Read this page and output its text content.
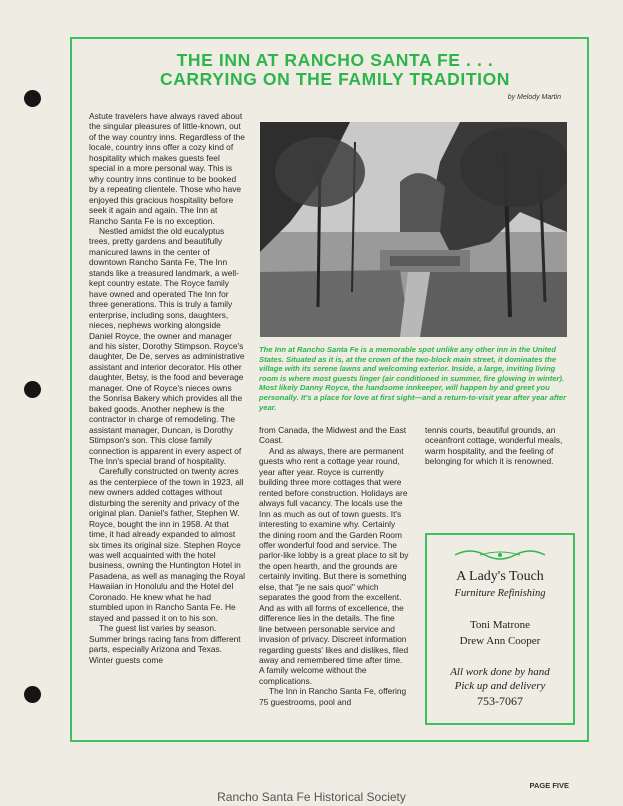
THE INN AT RANCHO SANTA FE . . .
CARRYING ON THE FAMILY TRADITION
by Melody Martin

Astute travelers have always raved about the singular pleasures of little-known, out of the way country inns. Regardless of the locale, country inns offer a cozy kind of hospitality which makes guests feel special in a more personal way. This is why country inns continue to be booked by a repeating clientele. Those who have enjoyed this gracious hospitality before seek it again and again. The Inn at Rancho Santa Fe is no exception.

Nestled amidst the old eucalyptus trees, pretty gardens and beautifully manicured lawns in the center of downtown Rancho Santa Fe, The Inn stands like a treasured landmark, a well-kept country estate. The Royce family have owned and operated The Inn for three generations. This is truly a family enterprise, including sons, daughters, nieces, nephews working alongside Daniel Royce, the owner and manager and his sister, Dorothy Stimpson. Royce's daughter, De De, serves as administrative assistant and interior decorator. His other daughter, Betsy, is the food and beverage manager. One of Royce's nieces owns the Sonrisa Bakery which provides all the baked goods. Another nephew is the contractor in charge of remodeling. The assistant manager, Duncan, is Dorothy Stimpson's son. This close family connection is apparent in every aspect of The Inn's special brand of hospitality.

Carefully constructed on twenty acres as the centerpiece of the town in 1923, all new owners added cottages without disturbing the serenity and privacy of the original plan. Daniel's father, Stephen W. Royce, bought the inn in 1958. At that time, it had already expanded to almost six times its original size. Stephen Royce was well acquainted with the hotel business, owning the Huntington Hotel in Pasadena, as well as managing the Royal Hawaiian in Honolulu and the Hotel del Coronado. He knew what he had stumbled upon in Rancho Santa Fe. He stayed and passed it on to his son.

The guest list varies by season. Summer brings racing fans from different parts, especially Arizona and Texas. Winter guests come

The Inn at Rancho Santa Fe is a memorable spot unlike any other inn in the United States. Situated as it is, at the crown of the two-block main street, it dominates the village with its serene lawns and welcoming exterior. Inside, a large, inviting living room is where most guests linger (air conditioned in summer, fire glowing in winter). Most likely Danny Royce, the handsome innkeeper, will happen by and greet you personally. It's a place for love at first sight—and a return-to-visit year after year after year.

from Canada, the Midwest and the East Coast.

And as always, there are permanent guests who rent a cottage year round, year after year. Royce is currently building three more cottages that were rented before construction. Holidays are always full vacancy. The locals use the Inn as much as out of town guests. It's interesting to examine why. Certainly the dining room and the Garden Room offer wonderful food and service. The parlor-like lobby is a great place to sit by the open hearth, and the grounds are certainly inviting. But there is something else, that "je ne sais quoi" which separates the good from the excellent. And as with all forms of excellence, the difference lies in the details. The fine line between personable service and invasion of privacy. Discreet information regarding guests' likes and dislikes, filed away and remembered time after time. A family welcome without the complications.

The Inn in Rancho Santa Fe, offering 75 guestrooms, pool and

tennis courts, beautiful grounds, an oceanfront cottage, wonderful meals, warm hospitality, and the feeling of belonging for which it is renowned.

A Lady's Touch
Furniture Refinishing
Toni Matrone
Drew Ann Cooper
All work done by hand
Pick up and delivery
753-7067
PAGE FIVE
Rancho Santa Fe Historical Society
